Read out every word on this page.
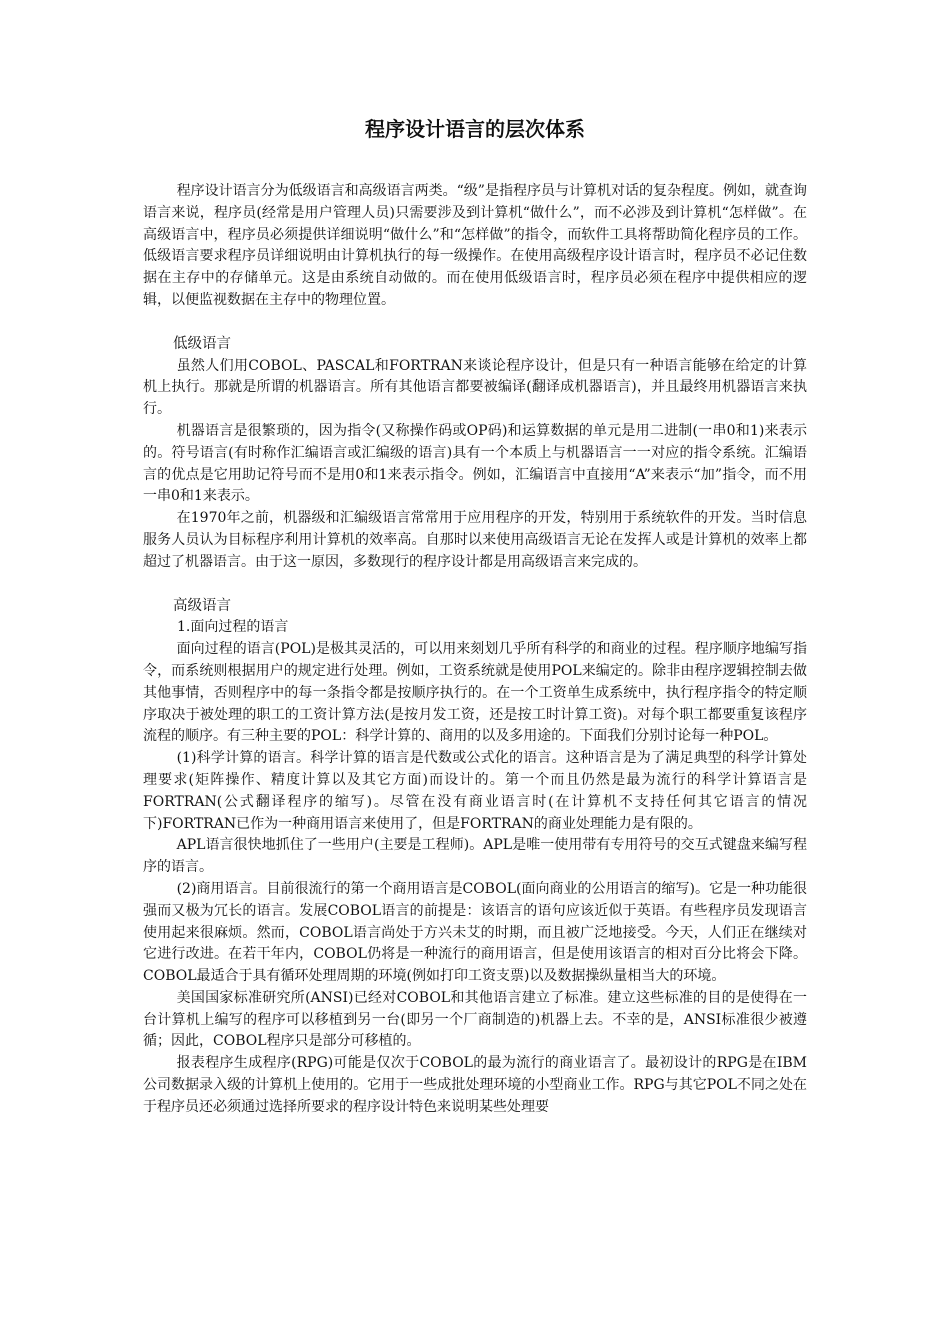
程序设计语言的层次体系

程序设计语言分为低级语言和高级语言两类。“级”是指程序员与计算机对话的复杂程度。例如，就查询语言来说，程序员(经常是用户管理人员)只需要涉及到计算机“做什么”，而不必涉及到计算机“怎样做”。在高级语言中，程序员必须提供详细说明“做什么”和“怎样做”的指令，而软件工具将帮助简化程序员的工作。低级语言要求程序员详细说明由计算机执行的每一级操作。在使用高级程序设计语言时，程序员不必记住数据在主存中的存储单元。这是由系统自动做的。而在使用低级语言时，程序员必须在程序中提供相应的逻辑，以便监视数据在主存中的物理位置。

低级语言

虽然人们用COBOL、PASCAL和FORTRAN来谈论程序设计，但是只有一种语言能够在给定的计算机上执行。那就是所谓的机器语言。所有其他语言都要被编译(翻译成机器语言)，并且最终用机器语言来执行。

机器语言是很繁琐的，因为指令(又称操作码或OP码)和运算数据的单元是用二进制(一串0和1)来表示的。符号语言(有时称作汇编语言或汇编级的语言)具有一个本质上与机器语言一一对应的指令系统。汇编语言的优点是它用助记符号而不是用0和1来表示指令。例如，汇编语言中直接用“A”来表示“加”指令，而不用一串0和1来表示。

在1970年之前，机器级和汇编级语言常常用于应用程序的开发，特别用于系统软件的开发。当时信息服务人员认为目标程序利用计算机的效率高。自那时以来使用高级语言无论在发挥人或是计算机的效率上都超过了机器语言。由于这一原因，多数现行的程序设计都是用高级语言来完成的。

高级语言
1.面向过程的语言

面向过程的语言(POL)是极其灵活的，可以用来刻划几乎所有科学的和商业的过程。程序顺序地编写指令，而系统则根据用户的规定进行处理。例如，工资系统就是使用POL来编定的。除非由程序逻辑控制去做其他事情，否则程序中的每一条指令都是按顺序执行的。在一个工资单生成系统中，执行程序指令的特定顺序取决于被处理的职工的工资计算方法(是按月发工资，还是按工时计算工资)。对每个职工都要重复该程序流程的顺序。有三种主要的POL：科学计算的、商用的以及多用途的。下面我们分别讨论每一种POL。

(1)科学计算的语言。科学计算的语言是代数或公式化的语言。这种语言是为了满足典型的科学计算处理要求(矩阵操作、精度计算以及其它方面)而设计的。第一个而且仍然是最为流行的科学计算语言是FORTRAN(公式翻译程序的缩写)。尽管在没有商业语言时(在计算机不支持任何其它语言的情况下)FORTRAN已作为一种商用语言来使用了，但是FORTRAN的商业处理能力是有限的。

APL语言很快地抓住了一些用户(主要是工程师)。APL是唯一使用带有专用符号的交互式键盘来编写程序的语言。

(2)商用语言。目前很流行的第一个商用语言是COBOL(面向商业的公用语言的缩写)。它是一种功能很强而又极为冗长的语言。发展COBOL语言的前提是：该语言的语句应该近似于英语。有些程序员发现语言使用起来很麻烦。然而，COBOL语言尚处于方兴未艾的时期，而且被广泛地接受。今天，人们正在继续对它进行改进。在若干年内，COBOL仍将是一种流行的商用语言，但是使用该语言的相对百分比将会下降。COBOL最适合于具有循环处理周期的环境(例如打印工资支票)以及数据操纵量相当大的环境。

美国国家标准研究所(ANSI)已经对COBOL和其他语言建立了标准。建立这些标准的目的是使得在一台计算机上编写的程序可以移植到另一台(即另一个厂商制造的)机器上去。不幸的是，ANSI标准很少被遵循；因此，COBOL程序只是部分可移植的。

报表程序生成程序(RPG)可能是仅次于COBOL的最为流行的商业语言了。最初设计的RPG是在IBM公司数据录入级的计算机上使用的。它用于一些成批处理环境的小型商业工作。RPG与其它POL不同之处在于程序员还必须通过选择所要求的程序设计特色来说明某些处理要
